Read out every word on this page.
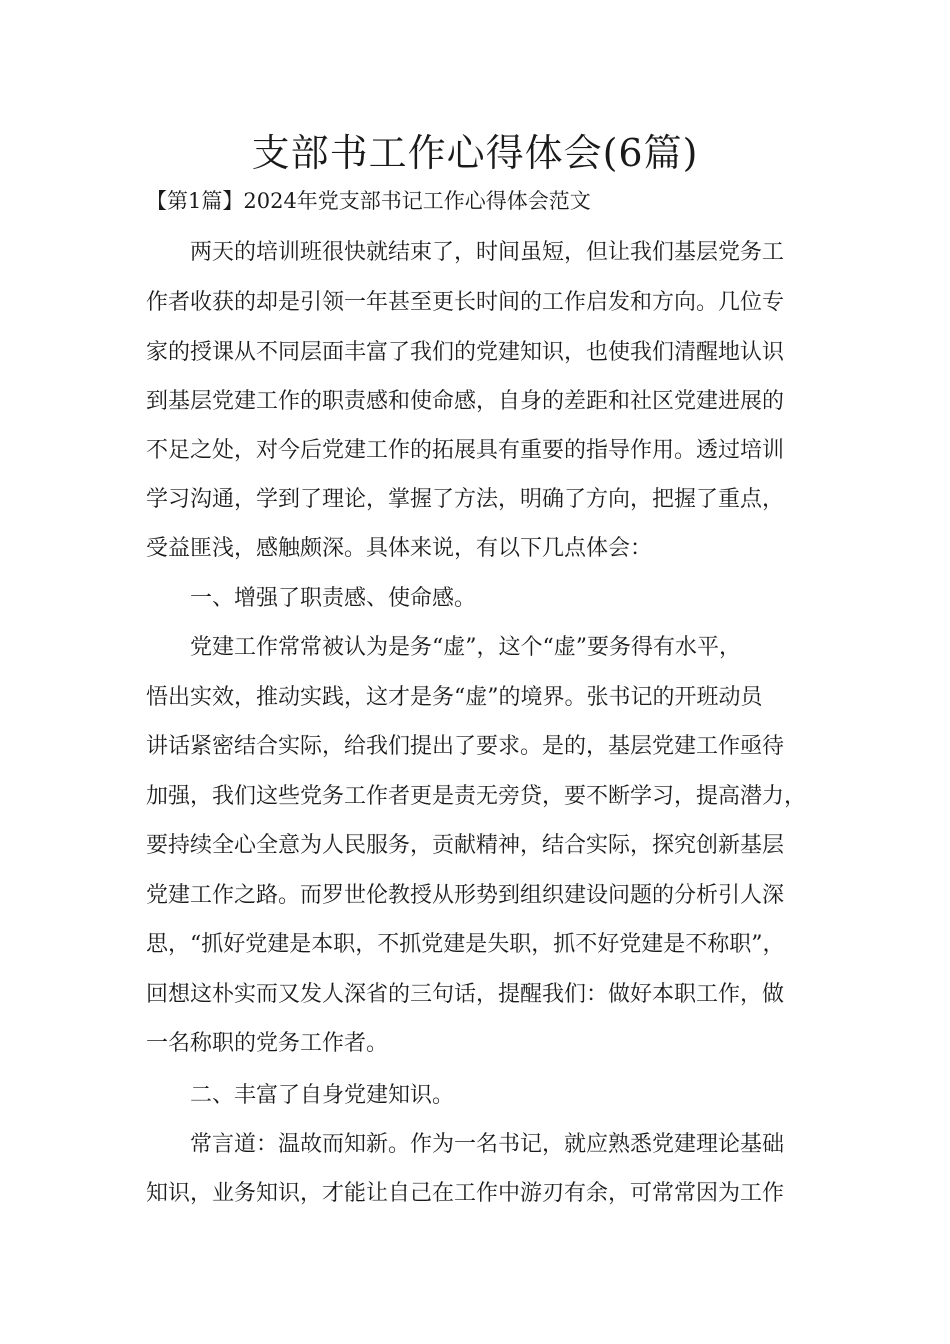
支部书工作心得体会(6篇)

【第1篇】2024年党支部书记工作心得体会范文

两天的培训班很快就结束了，时间虽短，但让我们基层党务工

作者收获的却是引领一年甚至更长时间的工作启发和方向。几位专

家的授课从不同层面丰富了我们的党建知识，也使我们清醒地认识

到基层党建工作的职责感和使命感，自身的差距和社区党建进展的

不足之处，对今后党建工作的拓展具有重要的指导作用。透过培训

学习沟通，学到了理论，掌握了方法，明确了方向，把握了重点，

受益匪浅，感触颇深。具体来说，有以下几点体会：

一、增强了职责感、使命感。

党建工作常常被认为是务“虚”，这个“虚”要务得有水平，

悟出实效，推动实践，这才是务“虚”的境界。张书记的开班动员

讲话紧密结合实际，给我们提出了要求。是的，基层党建工作亟待

加强，我们这些党务工作者更是责无旁贷，要不断学习，提高潜力，

要持续全心全意为人民服务，贡献精神，结合实际，探究创新基层

党建工作之路。而罗世伦教授从形势到组织建设问题的分析引人深

思，“抓好党建是本职，不抓党建是失职，抓不好党建是不称职”，

回想这朴实而又发人深省的三句话，提醒我们：做好本职工作，做

一名称职的党务工作者。

二、丰富了自身党建知识。

常言道：温故而知新。作为一名书记，就应熟悉党建理论基础

知识，业务知识，才能让自己在工作中游刃有余，可常常因为工作
